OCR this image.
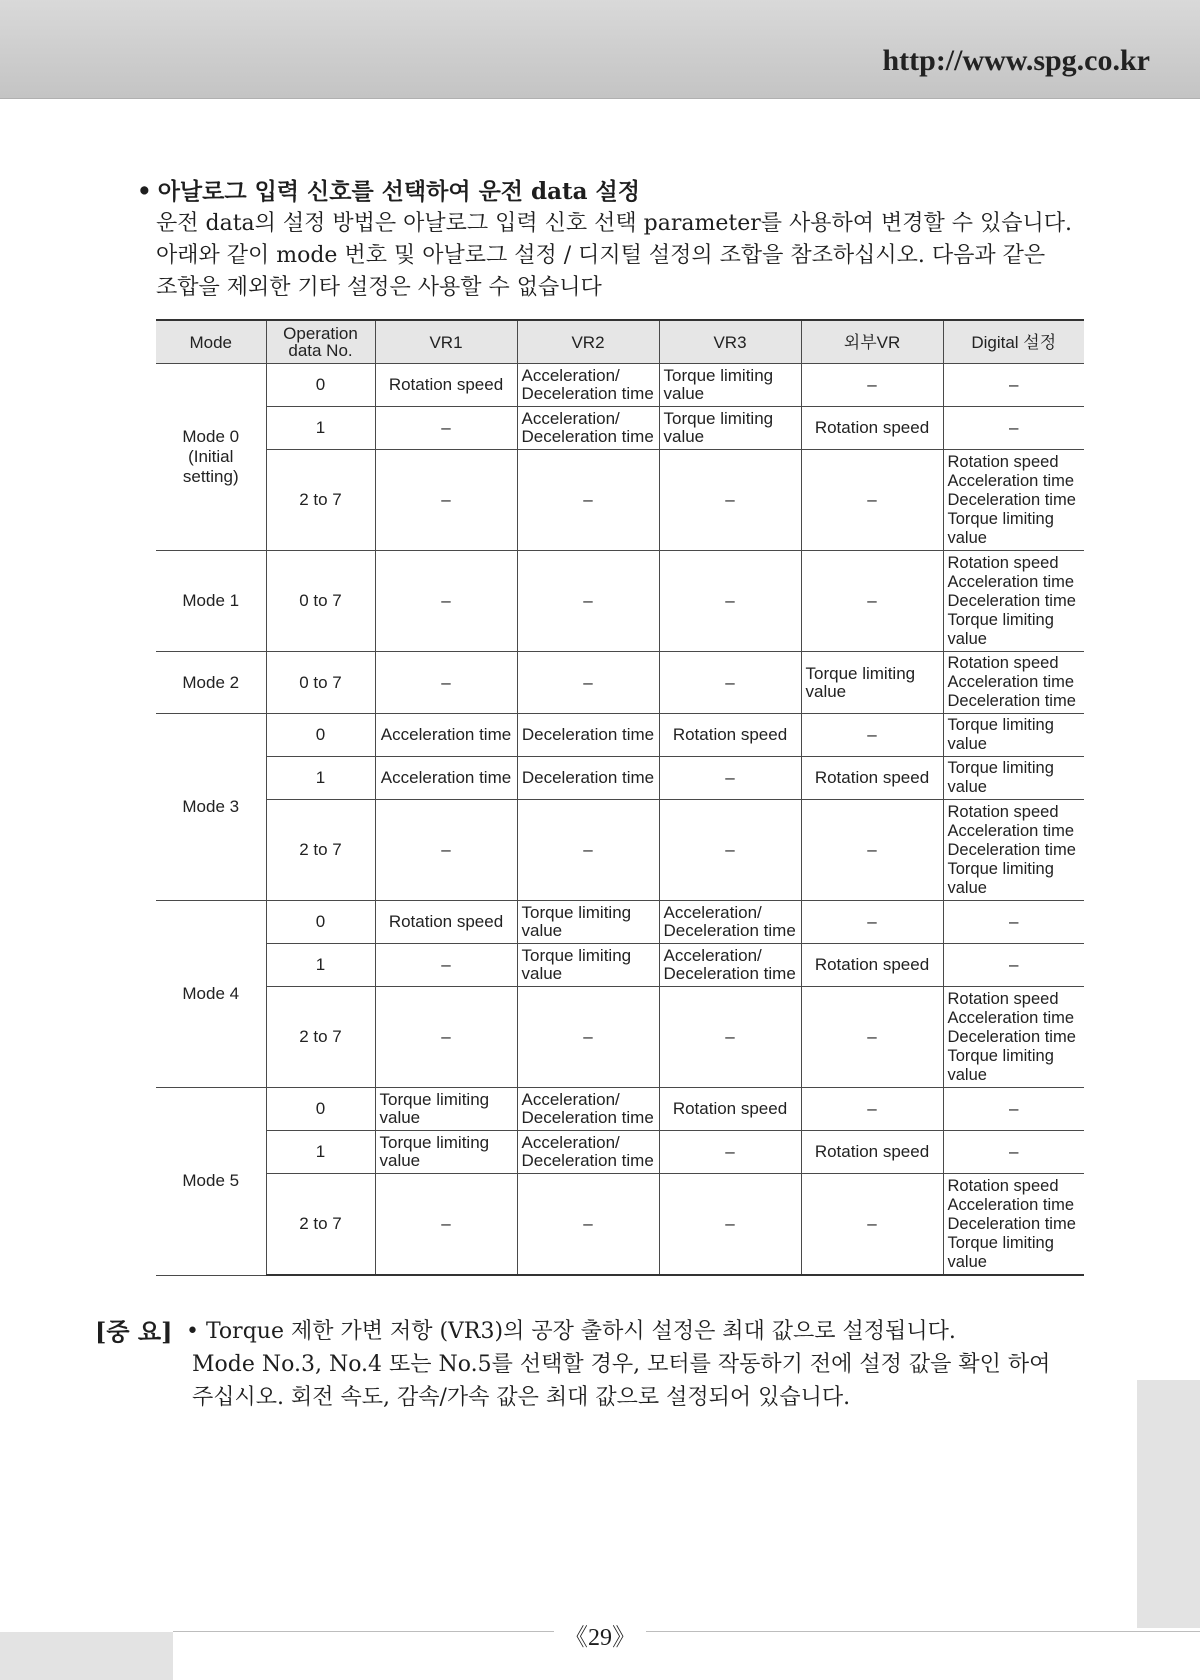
http://www.spg.co.kr
• 아날로그 입력 신호를 선택하여 운전 data 설정
운전 data의 설정 방법은 아날로그 입력 신호 선택 parameter를 사용하여 변경할 수 있습니다.
아래와 같이 mode 번호 및 아날로그 설정 / 디지털 설정의 조합을 참조하십시오. 다음과 같은
조합을 제외한 기타 설정은 사용할 수 없습니다
Mode	Operation
data No.	VR1	VR2	VR3	외부VR	Digital 설정
Mode 0
(Initial
setting)	0	Rotation speed	Acceleration/
Deceleration time	Torque limiting
value	–	–
	1	–	Acceleration/
Deceleration time	Torque limiting
value	Rotation speed	–
	2 to 7	–	–	–	–	Rotation speed
Acceleration time
Deceleration time
Torque limiting
value
Mode 1	0 to 7	–	–	–	–	Rotation speed
Acceleration time
Deceleration time
Torque limiting
value
Mode 2	0 to 7	–	–	–	Torque limiting
value	Rotation speed
Acceleration time
Deceleration time
Mode 3	0	Acceleration time	Deceleration time	Rotation speed	–	Torque limiting
value
	1	Acceleration time	Deceleration time	–	Rotation speed	Torque limiting
value
	2 to 7	–	–	–	–	Rotation speed
Acceleration time
Deceleration time
Torque limiting
value
Mode 4	0	Rotation speed	Torque limiting
value	Acceleration/
Deceleration time	–	–
	1	–	Torque limiting
value	Acceleration/
Deceleration time	Rotation speed	–
	2 to 7	–	–	–	–	Rotation speed
Acceleration time
Deceleration time
Torque limiting
value
Mode 5	0	Torque limiting
value	Acceleration/
Deceleration time	Rotation speed	–	–
	1	Torque limiting
value	Acceleration/
Deceleration time	–	Rotation speed	–
	2 to 7	–	–	–	–	Rotation speed
Acceleration time
Deceleration time
Torque limiting
value
[중 요] • Torque 제한 가변 저항 (VR3)의 공장 출하시 설정은 최대 값으로 설정됩니다.
Mode No.3, No.4 또는 No.5를 선택할 경우, 모터를 작동하기 전에 설정 값을 확인 하여
주십시오. 회전 속도, 감속/가속 값은 최대 값으로 설정되어 있습니다.
《29》
